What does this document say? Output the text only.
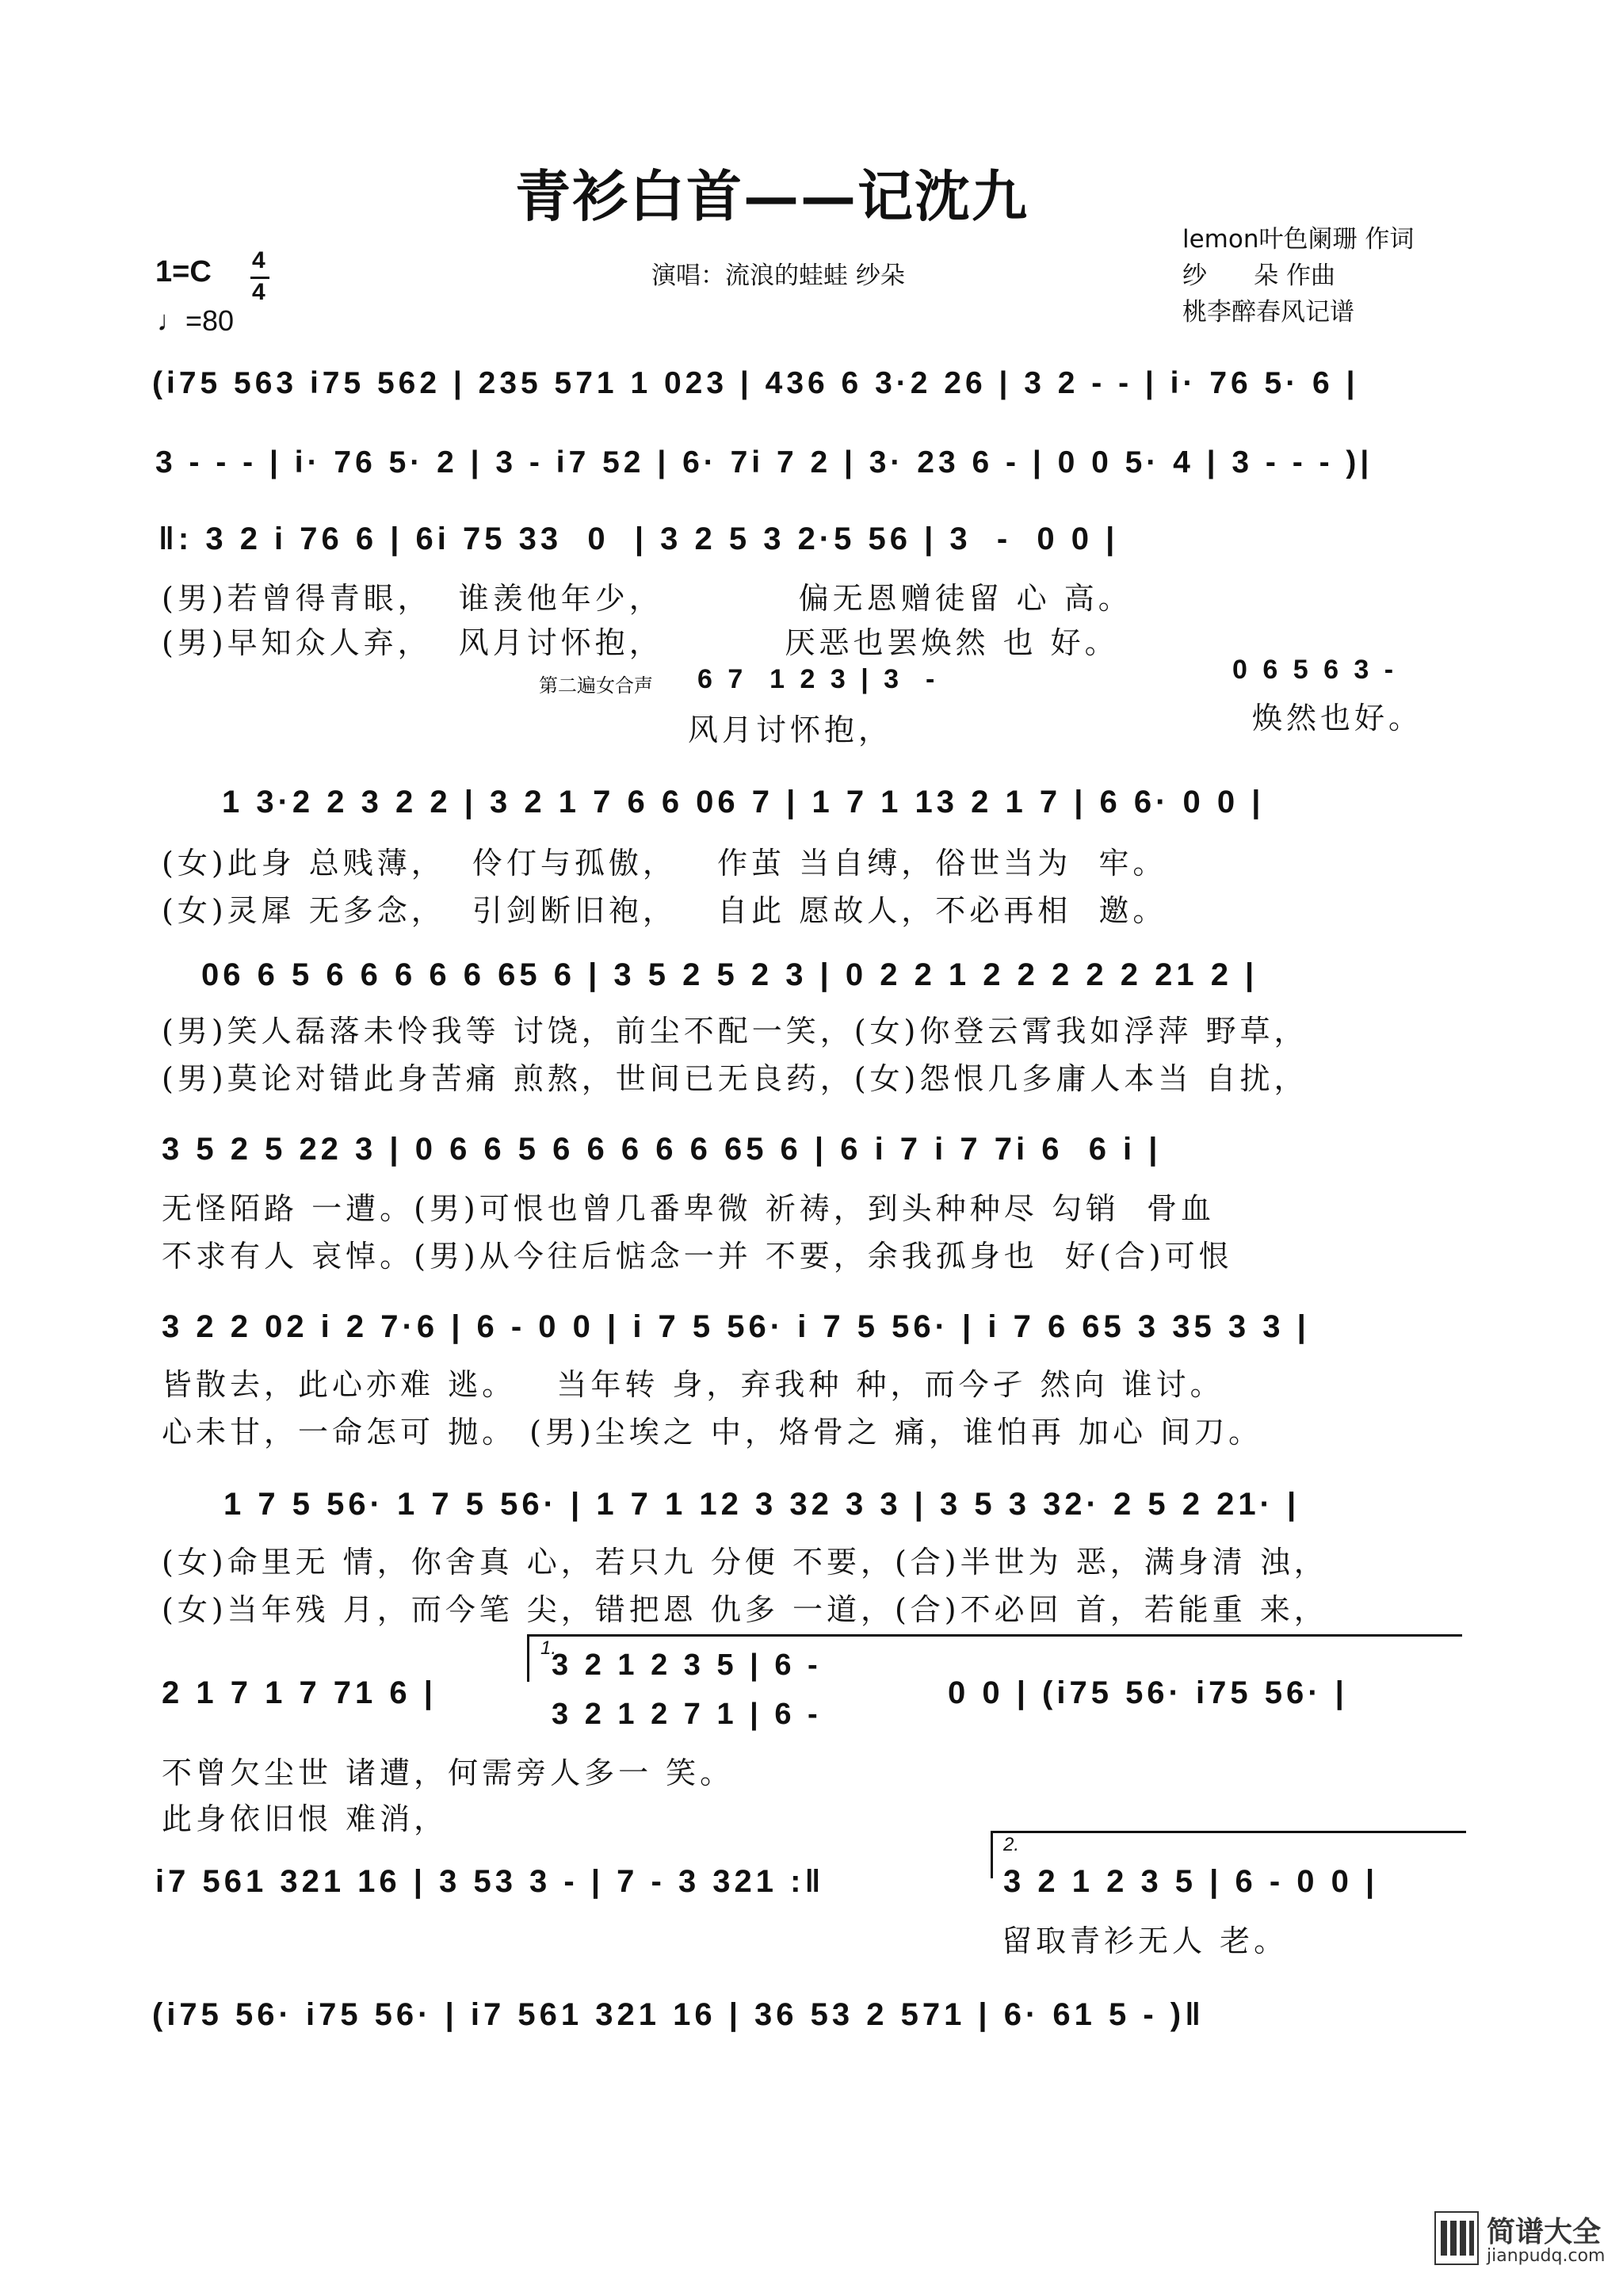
青衫白首——记沈九
演唱：流浪的蛙蛙 纱朵
lemon叶色阑珊 作词
纱      朵 作曲
桃李醉春风记谱
1=C 4
4
♩=80
(i75 563 i75 562 | 235 571 1 023 | 436 6 3·2 26 | 3 2 - - | i· 76 5· 6 |
3 - - - | i· 76 5· 2 | 3 - i7 52 | 6· 7i 7 2 | 3· 23 6 - | 0 0 5· 4 | 3 - - - )|
‖: 3 2 i 76 6 | 6i 75 33  0  | 3 2 5 3 2·5 56 | 3  -  0 0 |
(男)若曾得青眼，  谁羡他年少，          偏无恩赠徒留 心 高。
(男)早知众人弃，  风月讨怀抱，         厌恶也罢焕然 也 好。
第二遍女合声 6 7  1 2 3 | 3  -	0 6 5 6 3 -
风月讨怀抱，	焕然也好。
1 3·2 2 3 2 2 | 3 2 1 7 6 6 06 7 | 1 7 1 13 2 1 7 | 6 6· 0 0 |
(女)此身 总贱薄，  伶仃与孤傲，   作茧 当自缚，俗世当为  牢。
(女)灵犀 无多念，  引剑断旧袍，   自此 愿故人，不必再相  邀。
06 6 5 6 6 6 6 6 65 6 | 3 5 2 5 2 3 | 0 2 2 1 2 2 2 2 2 21 2 |
(男)笑人磊落未怜我等 讨饶，前尘不配一笑，(女)你登云霄我如浮萍 野草，
(男)莫论对错此身苦痛 煎熬，世间已无良药，(女)怨恨几多庸人本当 自扰，
3 5 2 5 22 3 | 0 6 6 5 6 6 6 6 6 65 6 | 6 i 7 i 7 7i 6  6 i |
无怪陌路 一遭。(男)可恨也曾几番卑微 祈祷，到头种种尽 勾销  骨血
不求有人 哀悼。(男)从今往后惦念一并 不要，余我孤身也  好(合)可恨
3 2 2 02 i 2 7·6 | 6 - 0 0 | i 7 5 56· i 7 5 56· | i 7 6 65 3 35 3 3 |
皆散去，此心亦难 逃。   当年转 身，弃我种 种，而今孑 然向 谁讨。
心未甘，一命怎可 抛。 (男)尘埃之 中，烙骨之 痛，谁怕再 加心 间刀。
1 7 5 56· 1 7 5 56· | 1 7 1 12 3 32 3 3 | 3 5 3 32· 2 5 2 21· |
(女)命里无 情，你舍真 心，若只九 分便 不要，(合)半世为 恶，满身清 浊，
(女)当年残 月，而今笔 尖，错把恩 仇多 一道，(合)不必回 首，若能重 来，
1.
2 1 7 1 7 71 6 |
3 2 1 2 3 5 | 6 -
3 2 1 2 7 1 | 6 -
0 0 | (i75 56· i75 56· |
不曾欠尘世 诸遭，何需旁人多一 笑。
此身依旧恨 难消，
2.
i7 561 321 16 | 3 53 3 - | 7 - 3 321 :‖	3 2 1 2 3 5 | 6 - 0 0 |
留取青衫无人 老。
(i75 56· i75 56· | i7 561 321 16 | 36 53 2 571 | 6· 61 5 - )‖
简谱大全
jianpudq.com
